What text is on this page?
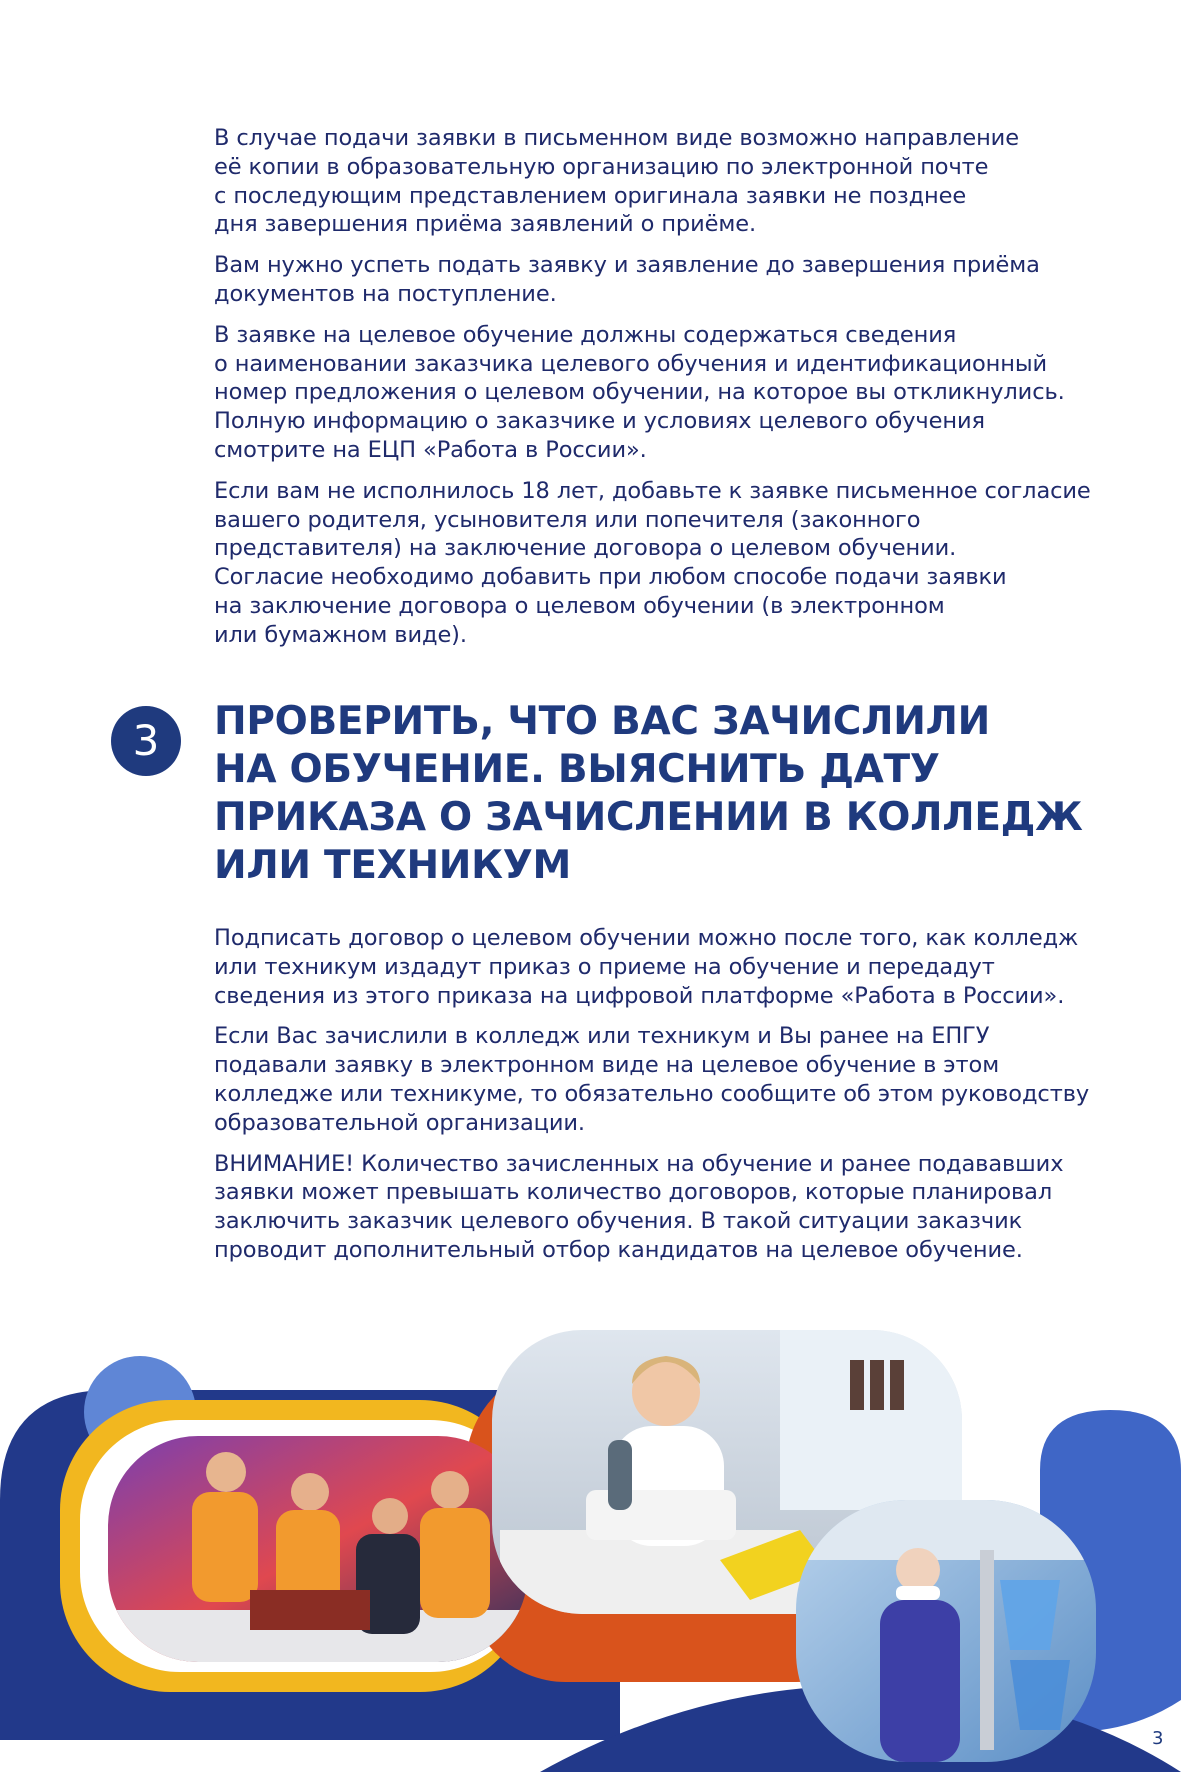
В случае подачи заявки в письменном виде возможно направление
её копии в образовательную организацию по электронной почте
с последующим представлением оригинала заявки не позднее
дня завершения приёма заявлений о приёме.

Вам нужно успеть подать заявку и заявление до завершения приёма
документов на поступление.

В заявке на целевое обучение должны содержаться сведения
о наименовании заказчика целевого обучения и идентификационный
номер предложения о целевом обучении, на которое вы откликнулись.
Полную информацию о заказчике и условиях целевого обучения
смотрите на ЕЦП «Работа в России».

Если вам не исполнилось 18 лет, добавьте к заявке письменное согласие
вашего родителя, усыновителя или попечителя (законного
представителя) на заключение договора о целевом обучении.
Согласие необходимо добавить при любом способе подачи заявки
на заключение договора о целевом обучении (в электронном
или бумажном виде).

3	ПРОВЕРИТЬ, ЧТО ВАС ЗАЧИСЛИЛИ
НА ОБУЧЕНИЕ. ВЫЯСНИТЬ ДАТУ
ПРИКАЗА О ЗАЧИСЛЕНИИ В КОЛЛЕДЖ
ИЛИ ТЕХНИКУМ

Подписать договор о целевом обучении можно после того, как колледж
или техникум издадут приказ о приеме на обучение и передадут
сведения из этого приказа на цифровой платформе «Работа в России».

Если Вас зачислили в колледж или техникум и Вы ранее на ЕПГУ
подавали заявку в электронном виде на целевое обучение в этом
колледже или техникуме, то обязательно сообщите об этом руководству
образовательной организации.

ВНИМАНИЕ! Количество зачисленных на обучение и ранее подававших
заявки может превышать количество договоров, которые планировал
заключить заказчик целевого обучения. В такой ситуации заказчик
проводит дополнительный отбор кандидатов на целевое обучение.

3
